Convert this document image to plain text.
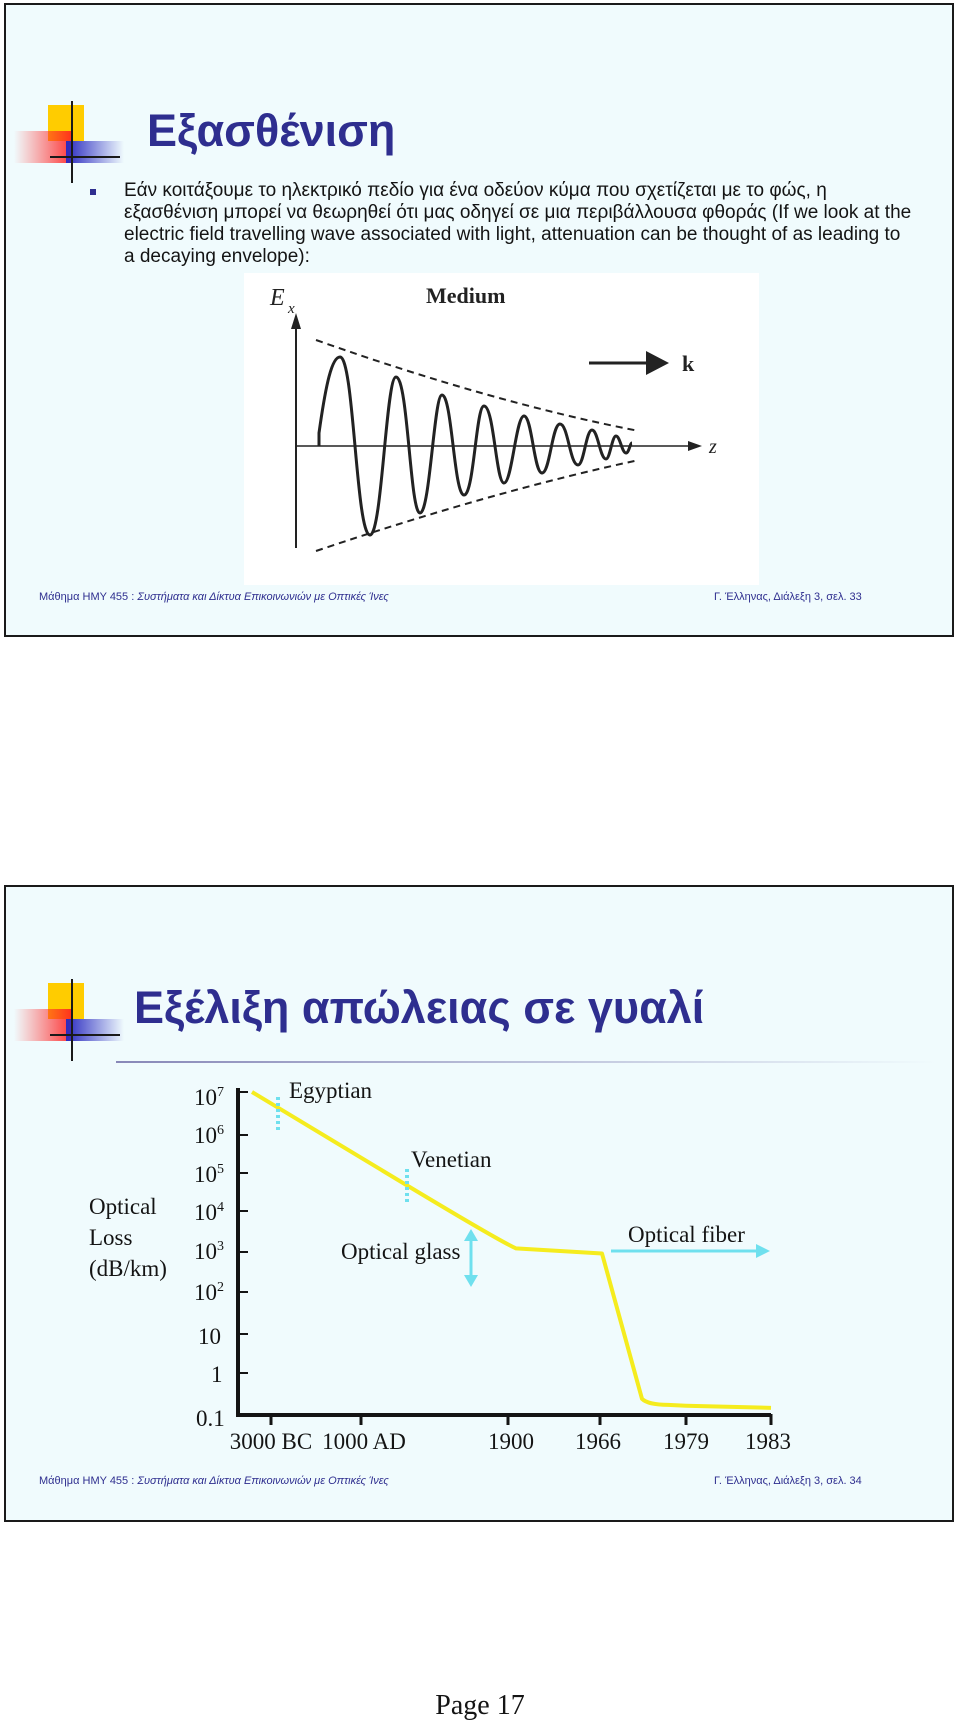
Εξασθένιση
Εάν κοιτάξουμε το ηλεκτρικό πεδίο για ένα οδεύον κύμα που σχετίζεται με το φώς, η εξασθένιση μπορεί να θεωρηθεί ότι μας οδηγεί σε μια περιβάλλουσα φθοράς (If we look at the electric field travelling wave associated with light, attenuation can be thought of as leading to a decaying envelope):
E x
Medium
z
k
Μάθημα ΗΜΥ 455 : Συστήματα και Δίκτυα Επικοινωνιών με Οπτικές Ίνες	Γ. Έλληνας, Διάλεξη 3, σελ. 33
Εξέλιξη απώλειας σε γυαλί
Optical
Loss
(dB/km)
$10^7$
$10^6$
$10^5$
$10^4$
$10^3$
$10^2$
10
1
0.1
3000 BC 1000 AD	1900 1966 1979 1983
Egyptian
Venetian
Optical glass
Optical fiber
Μάθημα ΗΜΥ 455 : Συστήματα και Δίκτυα Επικοινωνιών με Οπτικές Ίνες	Γ. Έλληνας, Διάλεξη 3, σελ. 34
Page 17
